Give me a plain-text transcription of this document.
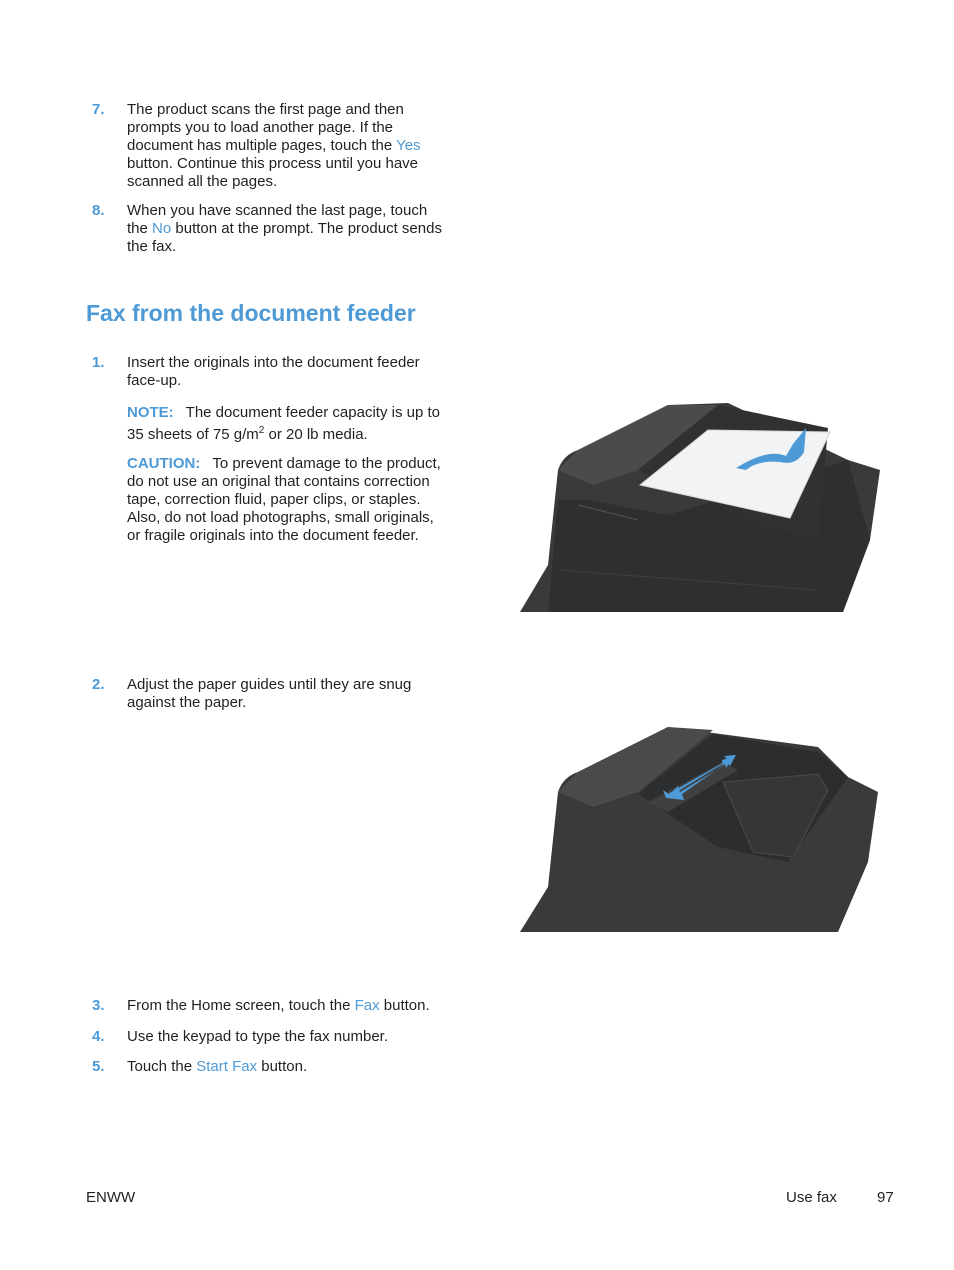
7.	The product scans the first page and then prompts you to load another page. If the document has multiple pages, touch the Yes button. Continue this process until you have scanned all the pages.
8.	When you have scanned the last page, touch the No button at the prompt. The product sends the fax.
Fax from the document feeder
1.	Insert the originals into the document feeder face-up.
NOTE: The document feeder capacity is up to 35 sheets of 75 $g/m^2$ or 20 lb media.
CAUTION: To prevent damage to the product, do not use an original that contains correction tape, correction fluid, paper clips, or staples. Also, do not load photographs, small originals, or fragile originals into the document feeder.
2.	Adjust the paper guides until they are snug against the paper.
3.	From the Home screen, touch the Fax button.
4.	Use the keypad to type the fax number.
5.	Touch the Start Fax button.
ENWW	Use fax	97
